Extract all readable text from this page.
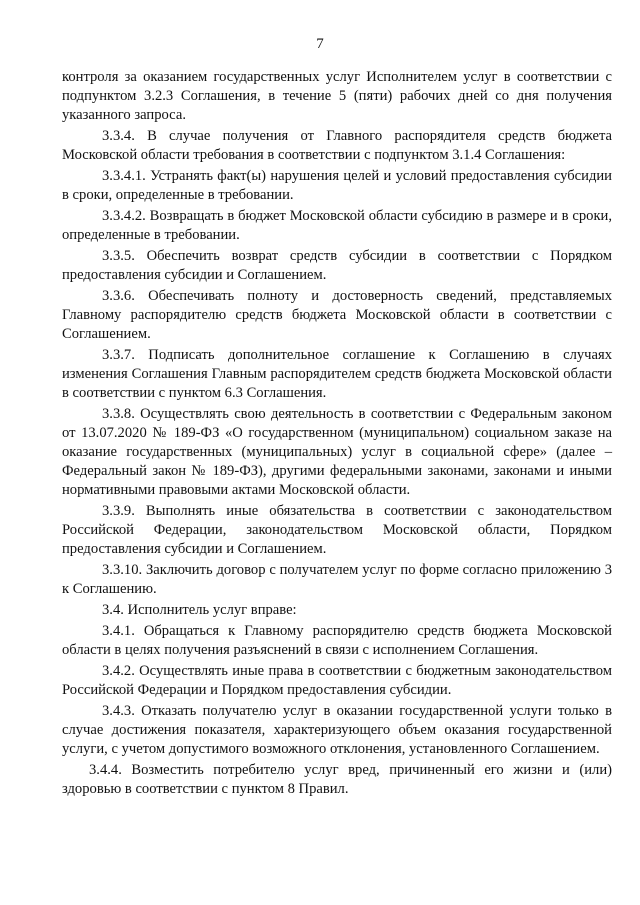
7

контроля за оказанием государственных услуг Исполнителем услуг в соответствии с подпунктом 3.2.3 Соглашения, в течение 5 (пяти) рабочих дней со дня получения указанного запроса.

3.3.4. В случае получения от Главного распорядителя средств бюджета Московской области требования в соответствии с подпунктом 3.1.4 Соглашения:

3.3.4.1. Устранять факт(ы) нарушения целей и условий предоставления субсидии в сроки, определенные в требовании.

3.3.4.2. Возвращать в бюджет Московской области субсидию в размере и в сроки, определенные в требовании.

3.3.5. Обеспечить возврат средств субсидии в соответствии с Порядком предоставления субсидии и Соглашением.

3.3.6. Обеспечивать полноту и достоверность сведений, представляемых Главному распорядителю средств бюджета Московской области в соответствии с Соглашением.

3.3.7. Подписать дополнительное соглашение к Соглашению в случаях изменения Соглашения Главным распорядителем средств бюджета Московской области в соответствии с пунктом 6.3 Соглашения.

3.3.8. Осуществлять свою деятельность в соответствии с Федеральным законом от 13.07.2020 № 189-ФЗ «О государственном (муниципальном) социальном заказе на оказание государственных (муниципальных) услуг в социальной сфере» (далее – Федеральный закон № 189-ФЗ), другими федеральными законами, законами и иными нормативными правовыми актами Московской области.

3.3.9. Выполнять иные обязательства в соответствии с законодательством Российской Федерации, законодательством Московской области, Порядком предоставления субсидии и Соглашением.

3.3.10. Заключить договор с получателем услуг по форме согласно приложению 3 к Соглашению.

3.4. Исполнитель услуг вправе:

3.4.1. Обращаться к Главному распорядителю средств бюджета Московской области в целях получения разъяснений в связи с исполнением Соглашения.

3.4.2. Осуществлять иные права в соответствии с бюджетным законодательством Российской Федерации и Порядком предоставления субсидии.

3.4.3. Отказать получателю услуг в оказании государственной услуги только в случае достижения показателя, характеризующего объем оказания государственной услуги, с учетом допустимого возможного отклонения, установленного Соглашением.

3.4.4. Возместить потребителю услуг вред, причиненный его жизни и (или) здоровью в соответствии с пунктом 8 Правил.
